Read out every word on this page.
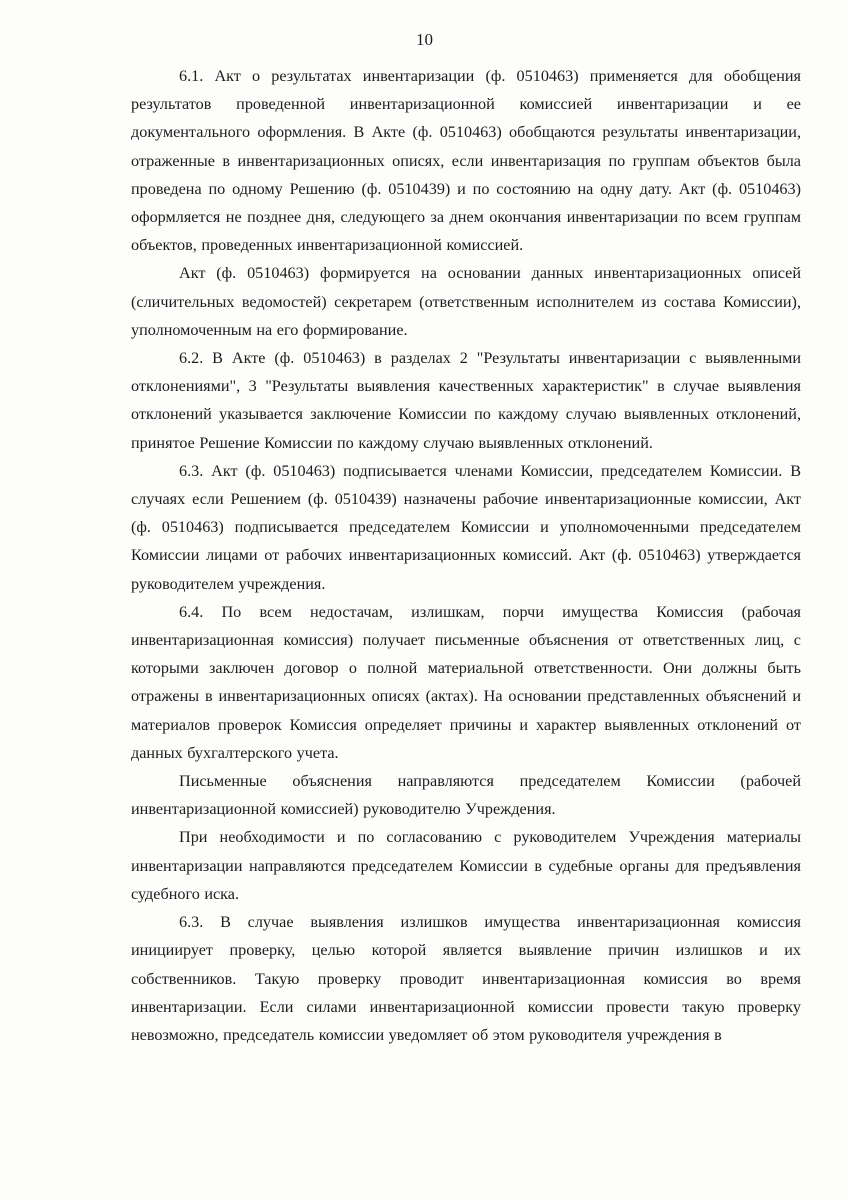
10

6.1. Акт о результатах инвентаризации (ф. 0510463) применяется для обобщения результатов проведенной инвентаризационной комиссией инвентаризации и ее документального оформления. В Акте (ф. 0510463) обобщаются результаты инвентаризации, отраженные в инвентаризационных описях, если инвентаризация по группам объектов была проведена по одному Решению (ф. 0510439) и по состоянию на одну дату. Акт (ф. 0510463) оформляется не позднее дня, следующего за днем окончания инвентаризации по всем группам объектов, проведенных инвентаризационной комиссией.

Акт (ф. 0510463) формируется на основании данных инвентаризационных описей (сличительных ведомостей) секретарем (ответственным исполнителем из состава Комиссии), уполномоченным на его формирование.

6.2. В Акте (ф. 0510463) в разделах 2 "Результаты инвентаризации с выявленными отклонениями", 3 "Результаты выявления качественных характеристик" в случае выявления отклонений указывается заключение Комиссии по каждому случаю выявленных отклонений, принятое Решение Комиссии по каждому случаю выявленных отклонений.

6.3. Акт (ф. 0510463) подписывается членами Комиссии, председателем Комиссии. В случаях если Решением (ф. 0510439) назначены рабочие инвентаризационные комиссии, Акт (ф. 0510463) подписывается председателем Комиссии и уполномоченными председателем Комиссии лицами от рабочих инвентаризационных комиссий. Акт (ф. 0510463) утверждается руководителем учреждения.

6.4. По всем недостачам, излишкам, порчи имущества Комиссия (рабочая инвентаризационная комиссия) получает письменные объяснения от ответственных лиц, с которыми заключен договор о полной материальной ответственности. Они должны быть отражены в инвентаризационных описях (актах). На основании представленных объяснений и материалов проверок Комиссия определяет причины и характер выявленных отклонений от данных бухгалтерского учета.

Письменные объяснения направляются председателем Комиссии (рабочей инвентаризационной комиссией) руководителю Учреждения.

При необходимости и по согласованию с руководителем Учреждения материалы инвентаризации направляются председателем Комиссии в судебные органы для предъявления судебного иска.

6.3. В случае выявления излишков имущества инвентаризационная комиссия инициирует проверку, целью которой является выявление причин излишков и их собственников. Такую проверку проводит инвентаризационная комиссия во время инвентаризации. Если силами инвентаризационной комиссии провести такую проверку невозможно, председатель комиссии уведомляет об этом руководителя учреждения в
